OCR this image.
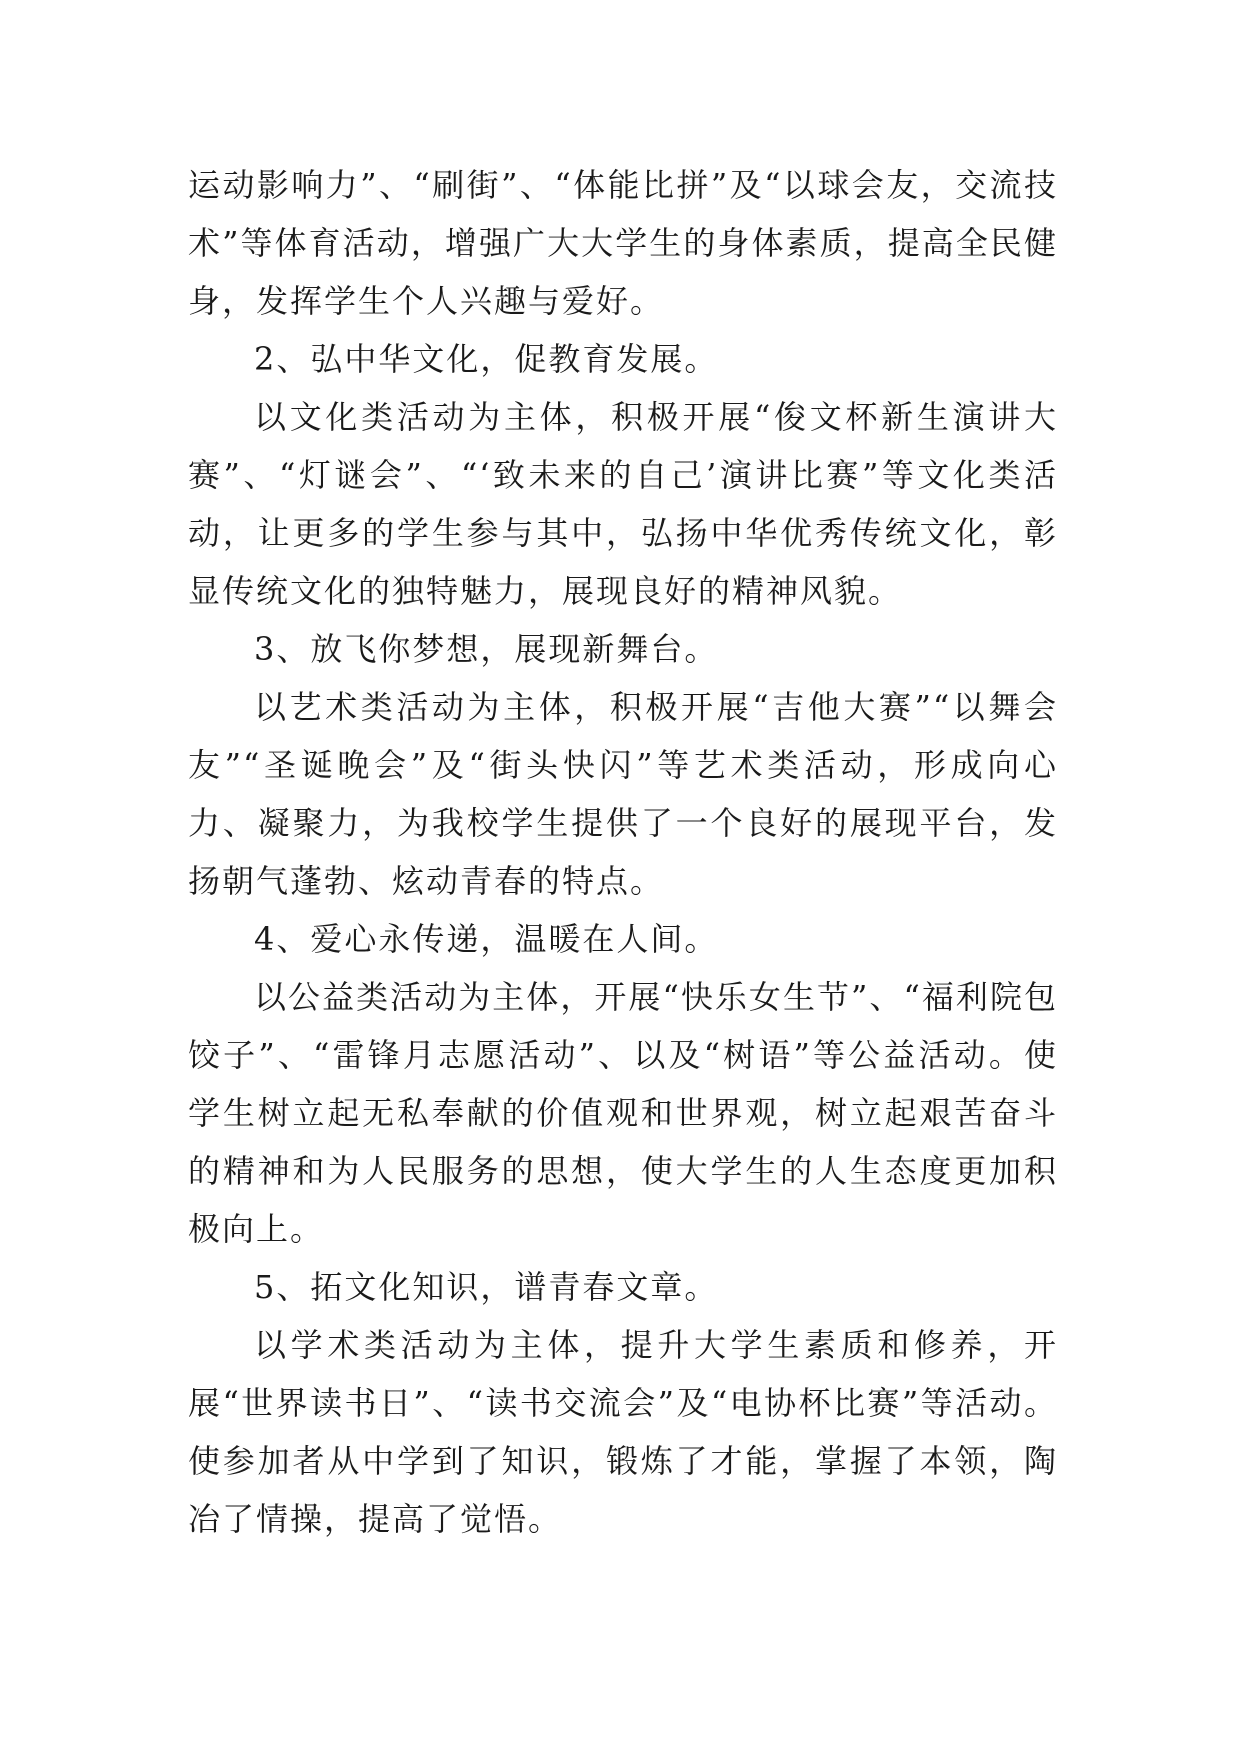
运动影响力”、“刷街”、“体能比拼”及“以球会友，交流技术”等体育活动，增强广大大学生的身体素质，提高全民健身，发挥学生个人兴趣与爱好。

2、弘中华文化，促教育发展。

以文化类活动为主体，积极开展“俊文杯新生演讲大赛”、“灯谜会”、“‘致未来的自己’演讲比赛”等文化类活动，让更多的学生参与其中，弘扬中华优秀传统文化，彰显传统文化的独特魅力，展现良好的精神风貌。

3、放飞你梦想，展现新舞台。

以艺术类活动为主体，积极开展“吉他大赛”“以舞会友”“圣诞晚会”及“街头快闪”等艺术类活动，形成向心力、凝聚力，为我校学生提供了一个良好的展现平台，发扬朝气蓬勃、炫动青春的特点。

4、爱心永传递，温暖在人间。

以公益类活动为主体，开展“快乐女生节”、“福利院包饺子”、“雷锋月志愿活动”、以及“树语”等公益活动。使学生树立起无私奉献的价值观和世界观，树立起艰苦奋斗的精神和为人民服务的思想，使大学生的人生态度更加积极向上。

5、拓文化知识，谱青春文章。

以学术类活动为主体，提升大学生素质和修养，开展“世界读书日”、“读书交流会”及“电协杯比赛”等活动。使参加者从中学到了知识，锻炼了才能，掌握了本领，陶冶了情操，提高了觉悟。
